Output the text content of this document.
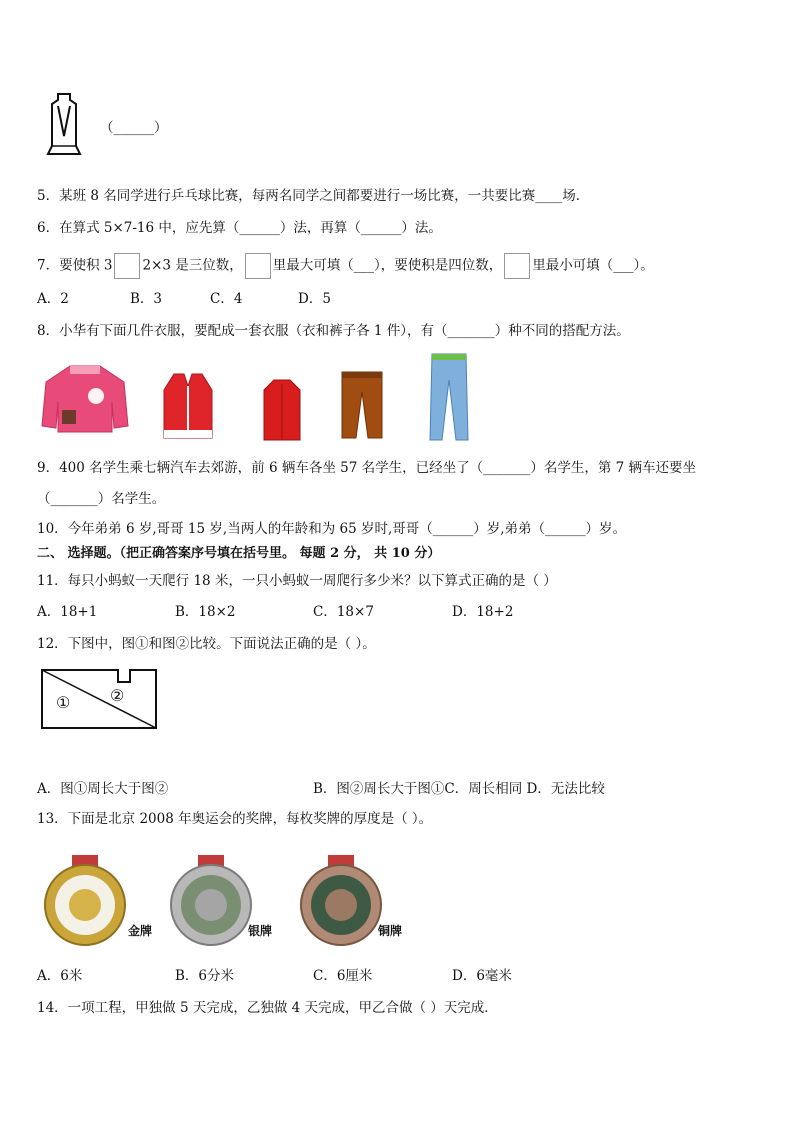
（______）
5．某班 8 名同学进行乒乓球比赛，每两名同学之间都要进行一场比赛，一共要比赛____场．
6．在算式 5×7-16 中，应先算（______）法，再算（______）法。
7．要使积 3 2×3 是三位数， 里最大可填（___），要使积是四位数， 里最小可填（___）。
A．2	B．3	C．4	D．5
8．小华有下面几件衣服，要配成一套衣服（衣和裤子各 1 件），有（_______）种不同的搭配方法。
9．400 名学生乘七辆汽车去郊游，前 6 辆车各坐 57 名学生，已经坐了（_______）名学生，第 7 辆车还要坐
（_______）名学生。
10．今年弟弟 6 岁,哥哥 15 岁,当两人的年龄和为 65 岁时,哥哥（______）岁,弟弟（______）岁。
二、 选择题。（把正确答案序号填在括号里。 每题 2 分， 共 10 分）
11．每只小蚂蚁一天爬行 18 米，一只小蚂蚁一周爬行多少米？以下算式正确的是（ ）
A．18+1	B．18×2	C．18×7	D．18+2
12．下图中，图①和图②比较。下面说法正确的是（ ）。
① ②
A．图①周长大于图②	B．图②周长大于图①C．周长相同 D．无法比较
13．下面是北京 2008 年奥运会的奖牌，每枚奖牌的厚度是（ ）。
金牌	银牌	铜牌
A．6米	B．6分米	C．6厘米	D．6毫米
14．一项工程，甲独做 5 天完成，乙独做 4 天完成，甲乙合做（ ）天完成．
